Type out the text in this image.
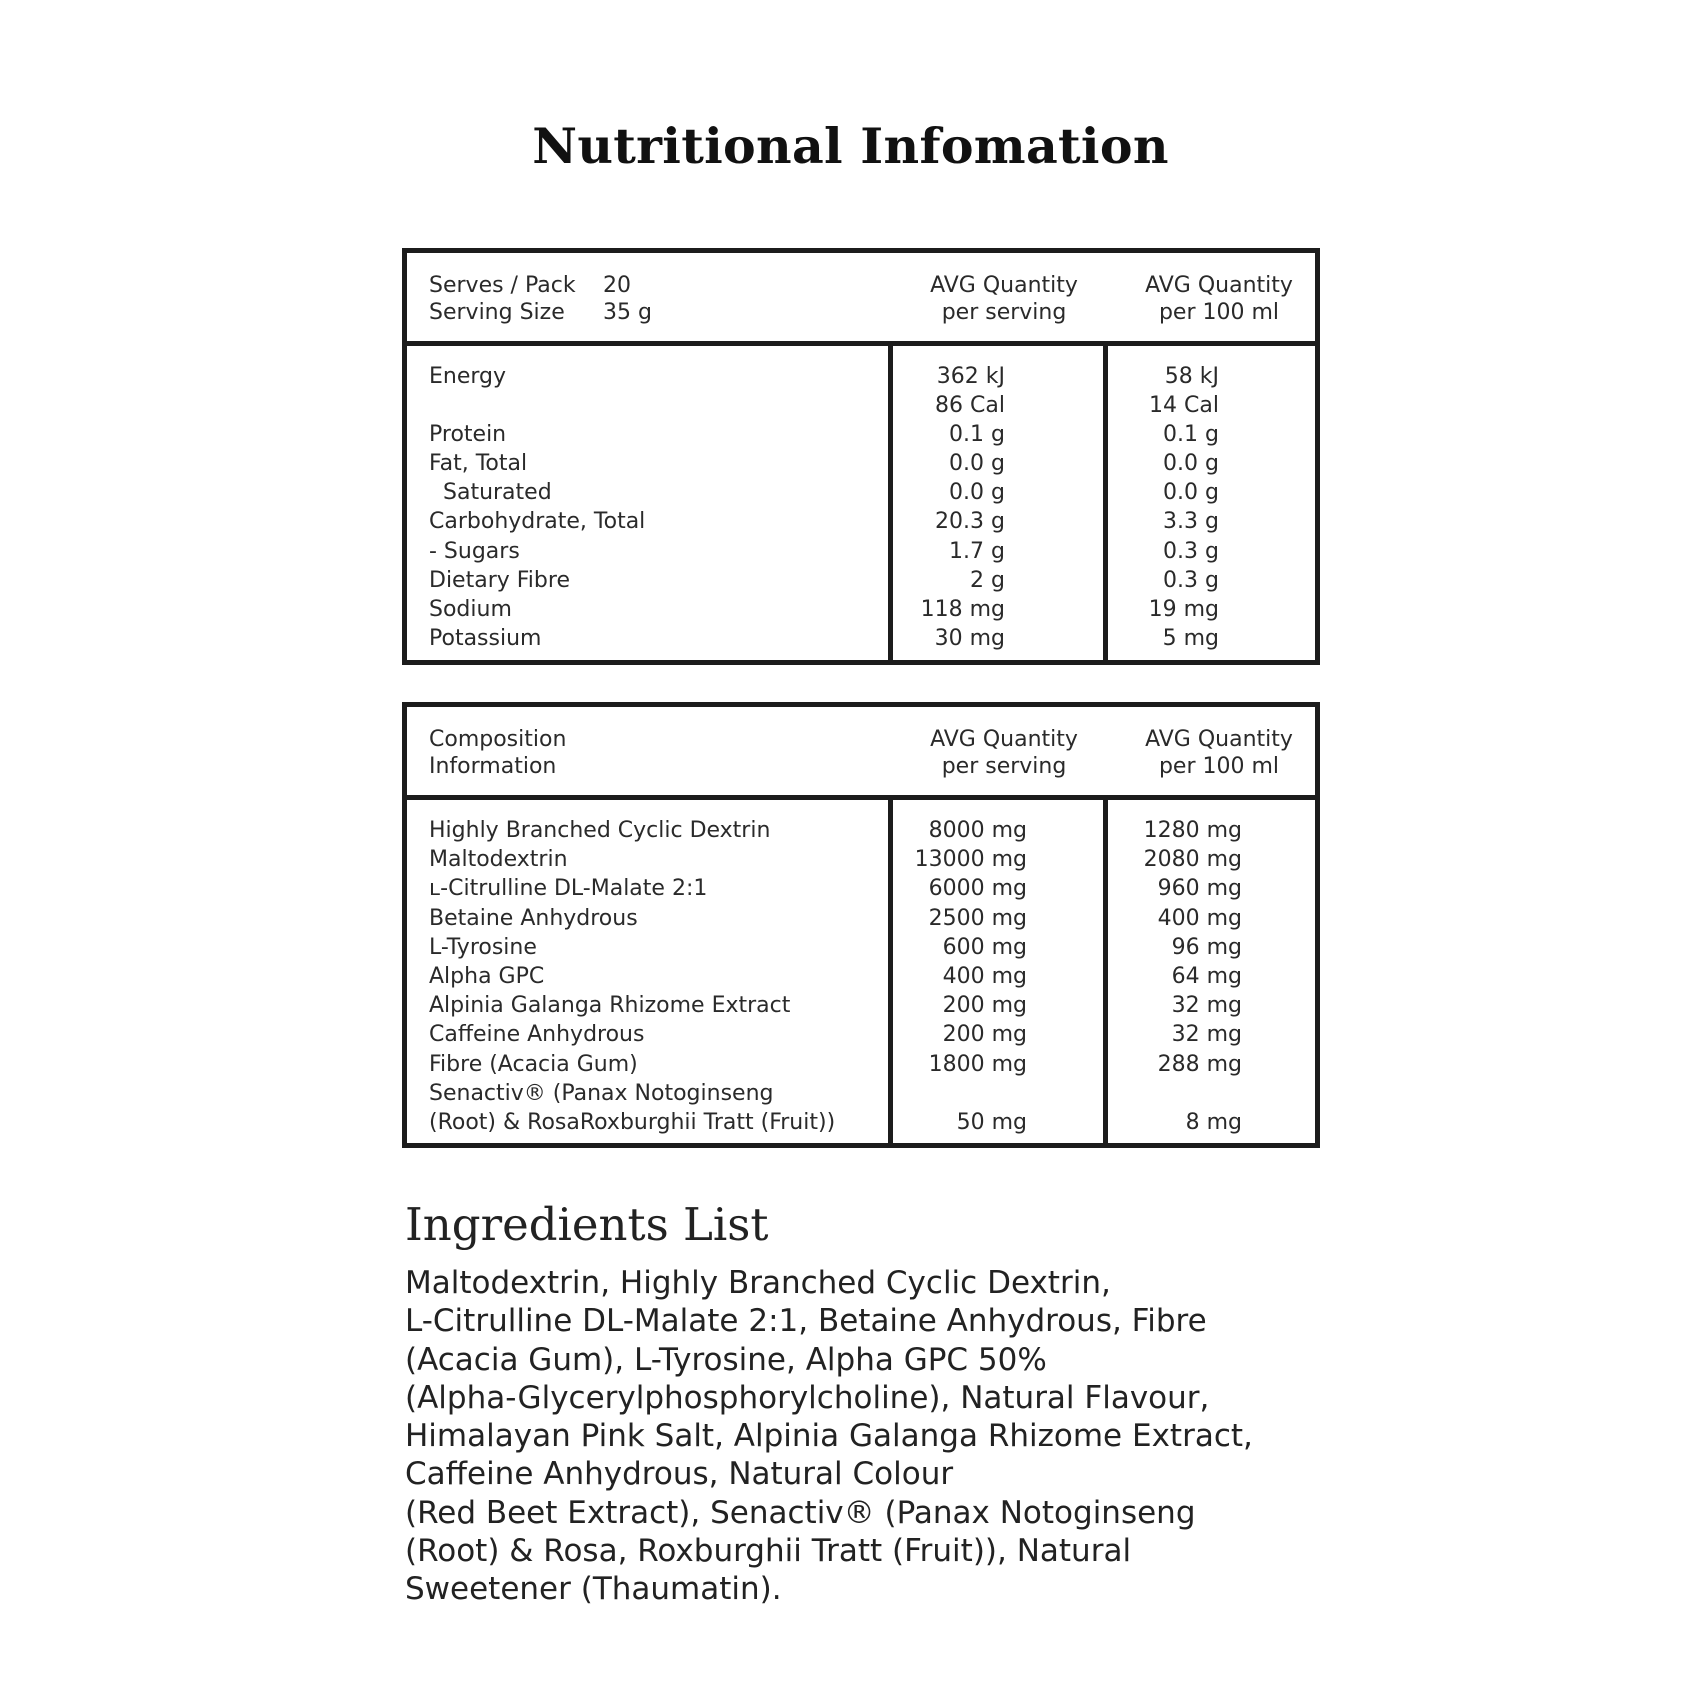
Nutritional Infomation
Serves / Pack 20
Serving Size 35 g
AVG Quantity
per serving
AVG Quantity
per 100 ml
Energy	362 kJ	58 kJ
86 Cal	14 Cal
Protein	0.1 g	0.1 g
Fat, Total	0.0 g	0.0 g
Saturated	0.0 g	0.0 g
Carbohydrate, Total	20.3 g	3.3 g
- Sugars	1.7 g	0.3 g
Dietary Fibre	2 g	0.3 g
Sodium	118 mg	19 mg
Potassium	30 mg	5 mg
Composition
Information
AVG Quantity
per serving
AVG Quantity
per 100 ml
Highly Branched Cyclic Dextrin	8000 mg	1280 mg
Maltodextrin	13000 mg	2080 mg
ʟ-Citrulline DL-Malate 2:1	6000 mg	960 mg
Betaine Anhydrous	2500 mg	400 mg
L-Tyrosine	600 mg	96 mg
Alpha GPC	400 mg	64 mg
Alpinia Galanga Rhizome Extract	200 mg	32 mg
Caffeine Anhydrous	200 mg	32 mg
Fibre (Acacia Gum)	1800 mg	288 mg
Senactiv® (Panax Notoginseng
(Root) & RosaRoxburghii Tratt (Fruit))	50 mg	8 mg
Ingredients List
Maltodextrin, Highly Branched Cyclic Dextrin,
L-Citrulline DL-Malate 2:1, Betaine Anhydrous, Fibre
(Acacia Gum), L-Tyrosine, Alpha GPC 50%
(Alpha-Glycerylphosphorylcholine), Natural Flavour,
Himalayan Pink Salt, Alpinia Galanga Rhizome Extract,
Caffeine Anhydrous, Natural Colour
(Red Beet Extract), Senactiv® (Panax Notoginseng
(Root) & Rosa, Roxburghii Tratt (Fruit)), Natural
Sweetener (Thaumatin).
